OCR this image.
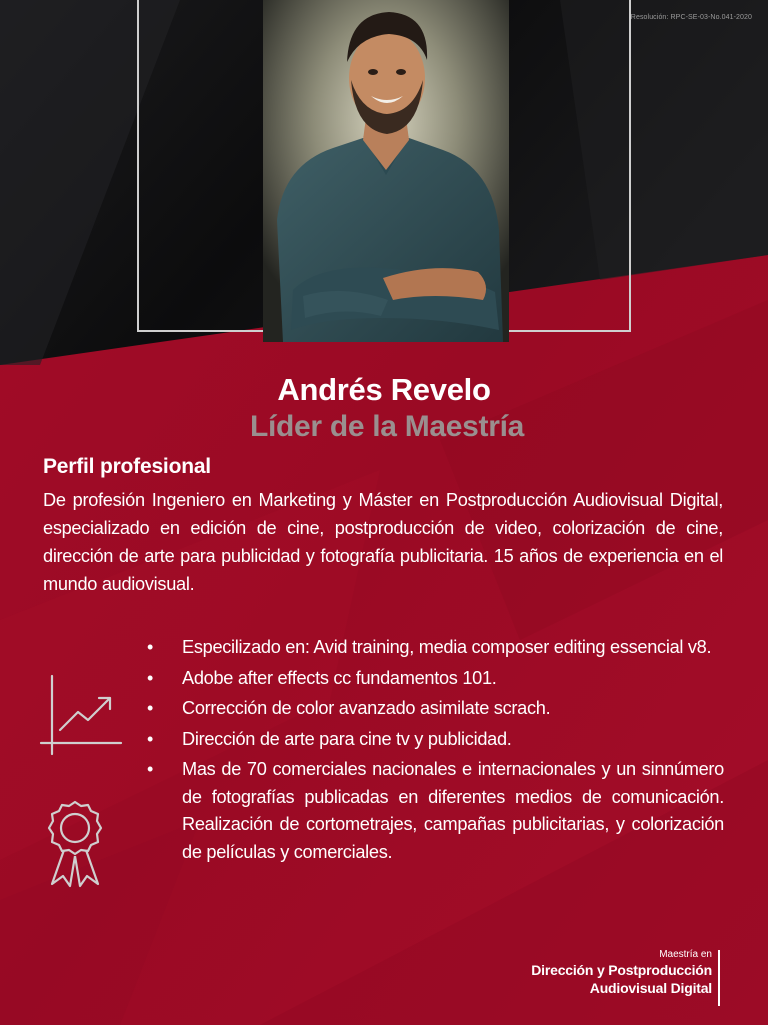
Resolución: RPC-SE-03-No.041-2020
Andrés Revelo
Líder de la Maestría
Perfil profesional
De profesión Ingeniero en Marketing y Máster en Postproducción Audiovisual Digital, especializado en edición de cine, postproducción de video, colorización de cine, dirección de arte para publicidad y fotografía publicitaria. 15 años de experiencia en el mundo audiovisual.
• Especilizado en: Avid training, media composer editing essencial v8.
• Adobe after effects cc fundamentos 101.
• Corrección de color avanzado asimilate scrach.
• Dirección de arte para cine tv y publicidad.
• Mas de 70 comerciales nacionales e internacionales y un sinnúmero de fotografías publicadas en diferentes medios de comunicación. Realización de cortometrajes, campañas publicitarias, y colorización de películas y comerciales.
Maestría en
Dirección y Postproducción
Audiovisual Digital
